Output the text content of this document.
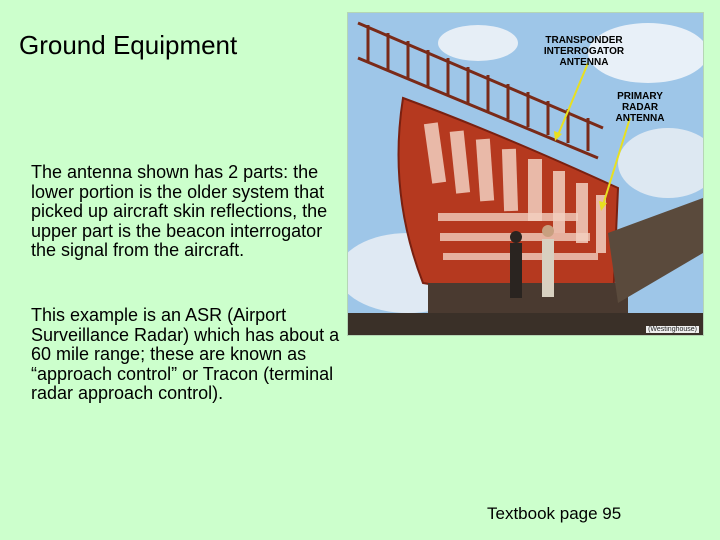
Ground Equipment

The antenna shown has 2 parts: the lower portion is the older system that picked up aircraft skin reflections, the upper part is the beacon interrogator the signal from the aircraft.

This example is an ASR (Airport Surveillance Radar) which has about a 60 mile range; these are known as “approach control” or Tracon (terminal radar approach control).

TRANSPONDER INTERROGATOR ANTENNA
PRIMARY RADAR ANTENNA
(Westinghouse)
Textbook page 95
